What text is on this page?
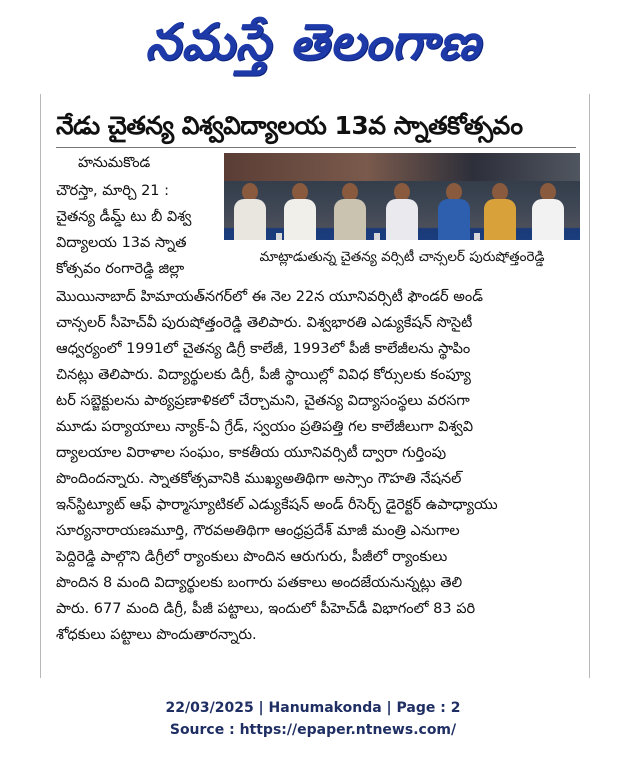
నమస్తే తెలంగాణ
నేడు చైతన్య విశ్వవిద్యాలయ 13వ స్నాతకోత్సవం
హనుమకొండ
చౌరస్తా, మార్చి 21 :
చైతన్య డీమ్డ్ టు బీ విశ్వ
విద్యాలయ 13వ స్నాత
కోత్సవం రంగారెడ్డి జిల్లా
మాట్లాడుతున్న చైతన్య వర్సిటీ చాన్సలర్ పురుషోత్తంరెడ్డి
మొయినాబాద్ హిమాయత్‌నగర్‌లో ఈ నెల 22న యూనివర్సిటీ ఫౌండర్ అండ్
చాన్సలర్ సీహెచ్‌వీ పురుషోత్తంరెడ్డి తెలిపారు. విశ్వభారతి ఎడ్యుకేషన్ సొసైటీ
ఆధ్వర్యంలో 1991లో చైతన్య డిగ్రీ కాలేజీ, 1993లో పీజీ కాలేజీలను స్థాపిం
చినట్లు తెలిపారు. విద్యార్థులకు డిగ్రీ, పీజీ స్థాయిల్లో వివిధ కోర్సులకు కంప్యూ
టర్ సబ్జెక్టులను పాఠ్యప్రణాళికలో చేర్చామని, చైతన్య విద్యాసంస్థలు వరసగా
మూడు పర్యాయాలు న్యాక్-ఏ గ్రేడ్, స్వయం ప్రతిపత్తి గల కాలేజీలుగా విశ్వవి
ద్యాలయాల విరాళాల సంఘం, కాకతీయ యూనివర్సిటీ ద్వారా గుర్తింపు
పొందిందన్నారు. స్నాతకోత్సవానికి ముఖ్యఅతిథిగా అస్సాం గౌహతి నేషనల్
ఇన్‌స్టిట్యూట్ ఆఫ్ ఫార్మాస్యూటికల్ ఎడ్యుకేషన్ అండ్ రీసెర్చ్ డైరెక్టర్ ఉపాధ్యాయు
సూర్యనారాయణమూర్తి, గౌరవఅతిథిగా ఆంధ్రప్రదేశ్ మాజీ మంత్రి ఎనుగాల
పెద్దిరెడ్డి పాల్గొని డిగ్రీలో ర్యాంకులు పొందిన ఆరుగురు, పీజీలో ర్యాంకులు
పొందిన 8 మంది విద్యార్థులకు బంగారు పతకాలు అందజేయనున్నట్లు తెలి
పారు. 677 మంది డిగ్రీ, పీజీ పట్టాలు, ఇందులో పీహెచ్‌డీ విభాగంలో 83 పరి
శోధకులు పట్టాలు పొందుతారన్నారు.
22/03/2025 | Hanumakonda | Page : 2
Source : https://epaper.ntnews.com/
